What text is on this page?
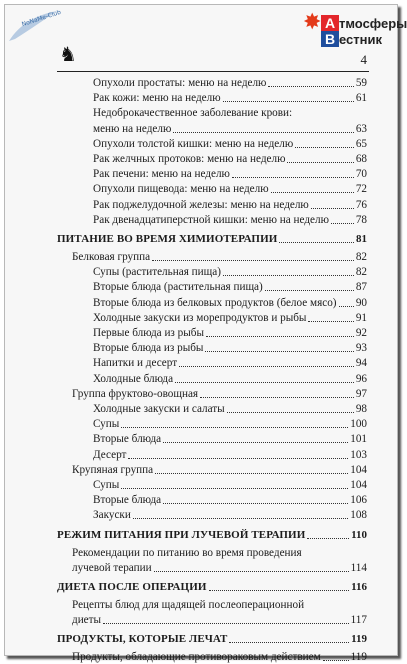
NoNaMe-Club	✸ А
В
тмосферы
естник
♞	4
Опухоли простаты: меню на неделю	59
Рак кожи: меню на неделю	61
Недоброкачественное заболевание крови:
меню на неделю	63
Опухоли толстой кишки: меню на неделю	65
Рак желчных протоков: меню на неделю	68
Рак печени: меню на неделю	70
Опухоли пищевода: меню на неделю	72
Рак поджелудочной железы: меню на неделю	76
Рак двенадцатиперстной кишки: меню на неделю 78
ПИТАНИЕ ВО ВРЕМЯ ХИМИОТЕРАПИИ	81
Белковая группа	82
Супы (растительная пища)	82
Вторые блюда (растительная пища)	87
Вторые блюда из белковых продуктов (белое мясо) 90
Холодные закуски из морепродуктов и рыбы	91
Первые блюда из рыбы	92
Вторые блюда из рыбы	93
Напитки и десерт	94
Холодные блюда	96
Группа фруктово-овощная	97
Холодные закуски и салаты	98
Супы	100
Вторые блюда	101
Десерт	103
Крупяная группа	104
Супы	104
Вторые блюда	106
Закуски	108
РЕЖИМ ПИТАНИЯ ПРИ ЛУЧЕВОЙ ТЕРАПИИ	110
Рекомендации по питанию во время проведения
лучевой терапии	114
ДИЕТА ПОСЛЕ ОПЕРАЦИИ	116
Рецепты блюд для щадящей послеоперационной
диеты	117
ПРОДУКТЫ, КОТОРЫЕ ЛЕЧАТ	119
Продукты, обладающие противораковым действием	119
